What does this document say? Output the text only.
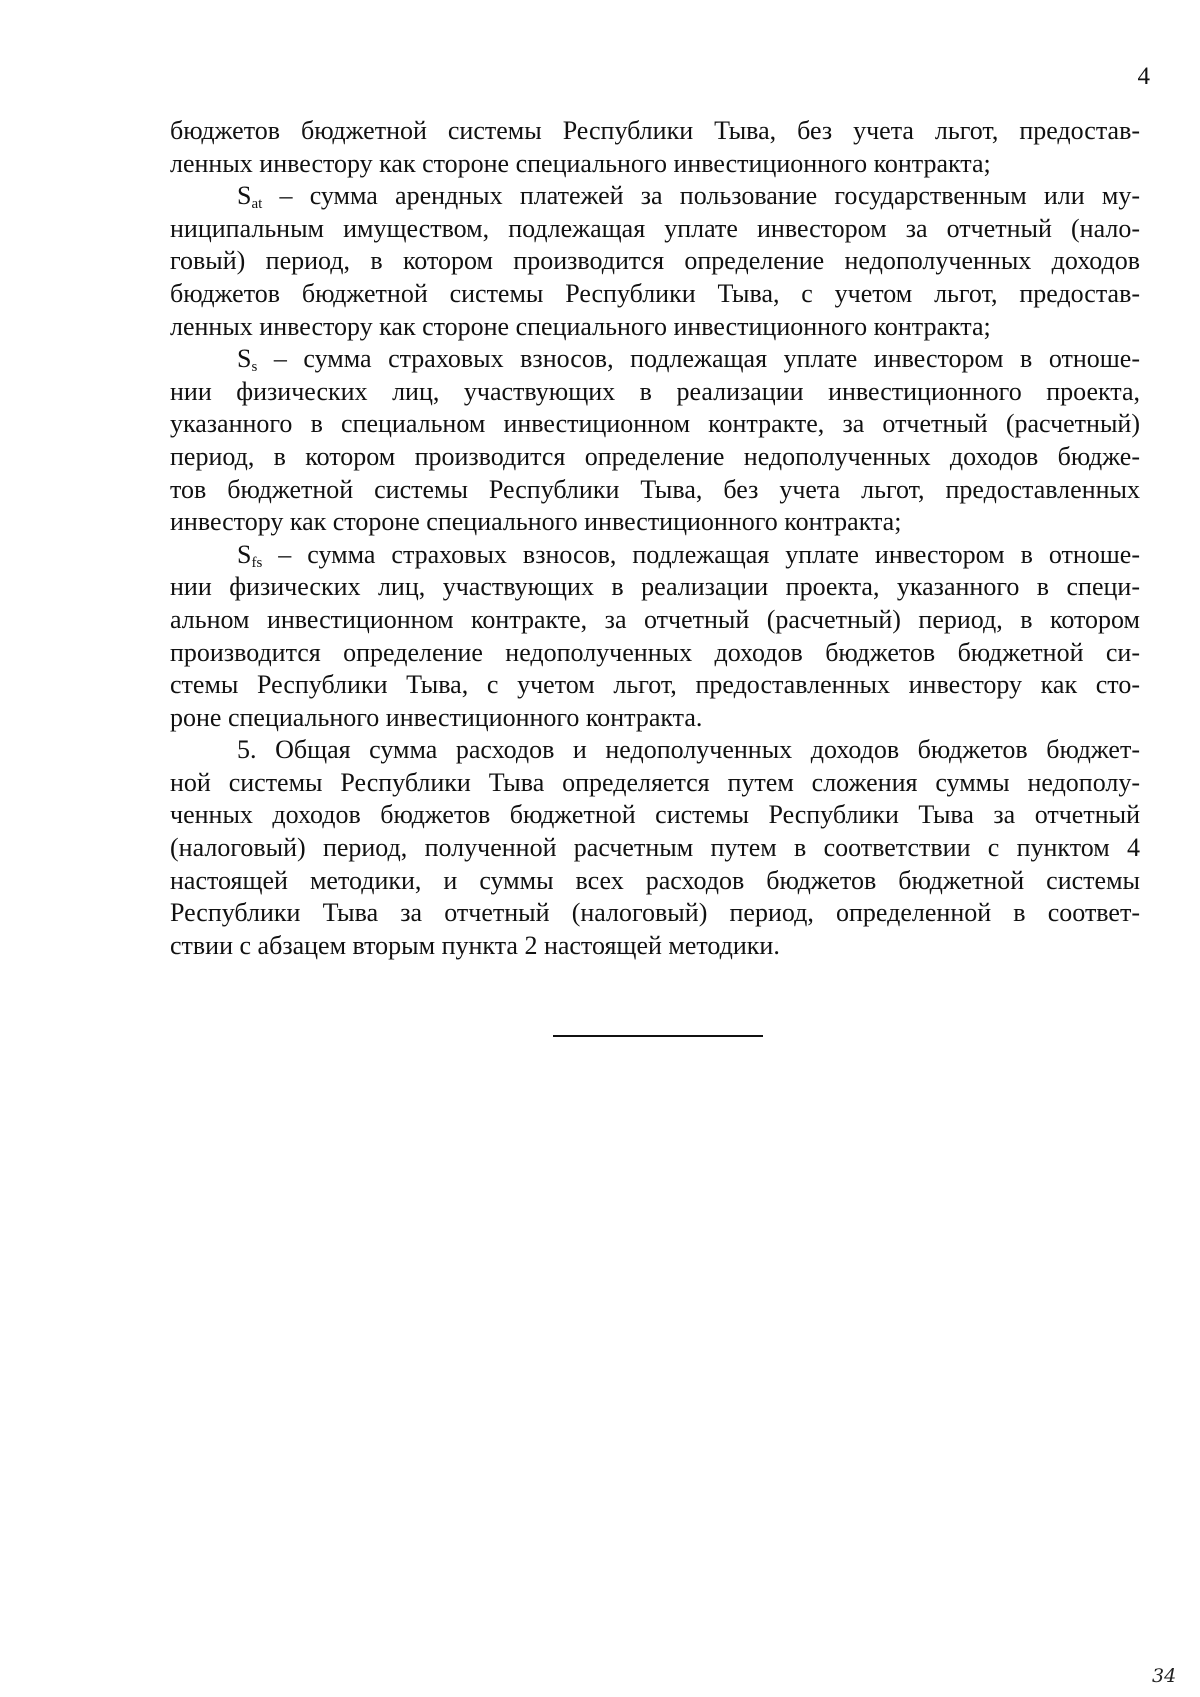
4
бюджетов бюджетной системы Республики Тыва, без учета льгот, предостав-
ленных инвестору как стороне специального инвестиционного контракта;
$S_{at}$ – сумма арендных платежей за пользование государственным или му-
ниципальным имуществом, подлежащая уплате инвестором за отчетный (нало-
говый) период, в котором производится определение недополученных доходов
бюджетов бюджетной системы Республики Тыва, с учетом льгот, предостав-
ленных инвестору как стороне специального инвестиционного контракта;
$S_s$ – сумма страховых взносов, подлежащая уплате инвестором в отноше-
нии физических лиц, участвующих в реализации инвестиционного проекта,
указанного в специальном инвестиционном контракте, за отчетный (расчетный)
период, в котором производится определение недополученных доходов бюдже-
тов бюджетной системы Республики Тыва, без учета льгот, предоставленных
инвестору как стороне специального инвестиционного контракта;
$S_{fs}$ – сумма страховых взносов, подлежащая уплате инвестором в отноше-
нии физических лиц, участвующих в реализации проекта, указанного в специ-
альном инвестиционном контракте, за отчетный (расчетный) период, в котором
производится определение недополученных доходов бюджетов бюджетной си-
стемы Республики Тыва, с учетом льгот, предоставленных инвестору как сто-
роне специального инвестиционного контракта.
5. Общая сумма расходов и недополученных доходов бюджетов бюджет-
ной системы Республики Тыва определяется путем сложения суммы недополу-
ченных доходов бюджетов бюджетной системы Республики Тыва за отчетный
(налоговый) период, полученной расчетным путем в соответствии с пунктом 4
настоящей методики, и суммы всех расходов бюджетов бюджетной системы
Республики Тыва за отчетный (налоговый) период, определенной в соответ-
ствии с абзацем вторым пункта 2 настоящей методики.
34
